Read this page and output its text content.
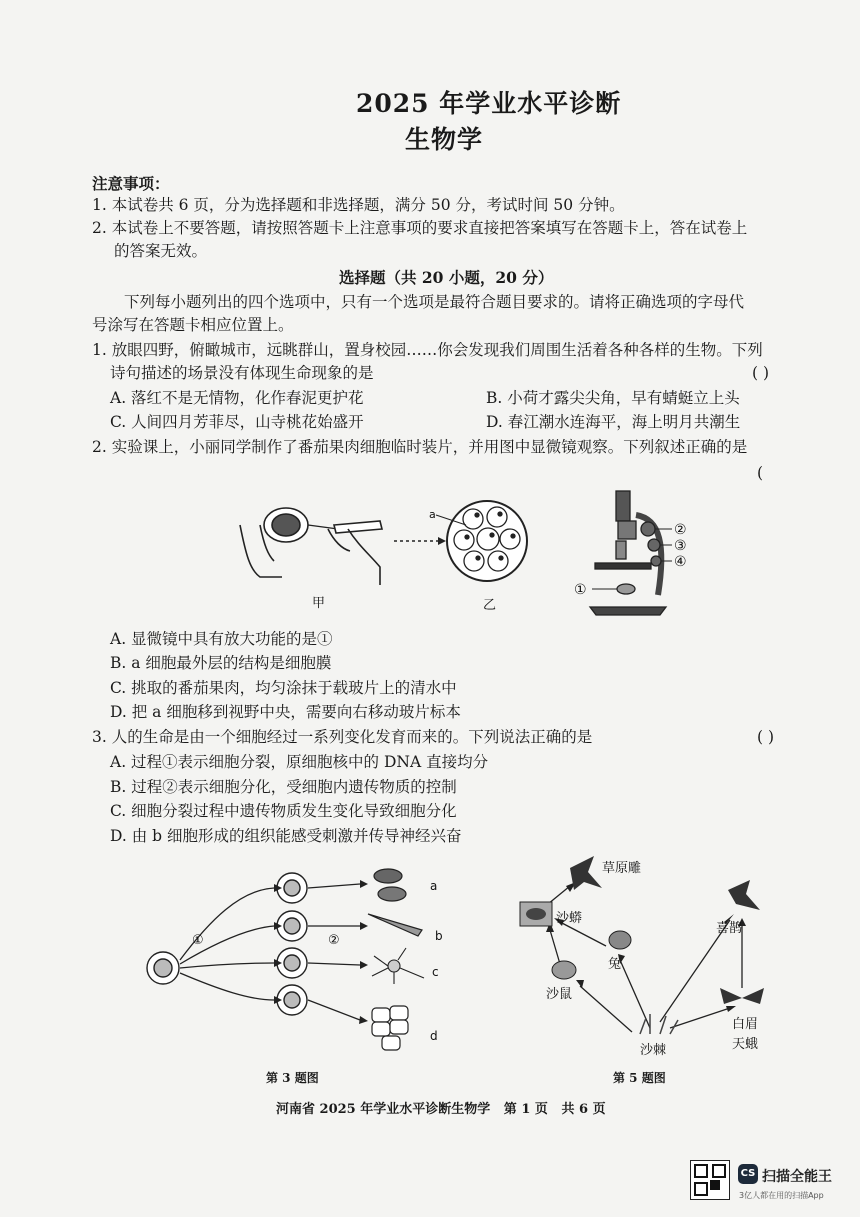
2025 年学业水平诊断
生物学
注意事项：
1. 本试卷共 6 页，分为选择题和非选择题，满分 50 分，考试时间 50 分钟。
2. 本试卷上不要答题，请按照答题卡上注意事项的要求直接把答案填写在答题卡上，答在试卷上
的答案无效。
选择题（共 20 小题，20 分）
下列每小题列出的四个选项中，只有一个选项是最符合题目要求的。请将正确选项的字母代
号涂写在答题卡相应位置上。
1. 放眼四野，俯瞰城市，远眺群山，置身校园……你会发现我们周围生活着各种各样的生物。下列
诗句描述的场景没有体现生命现象的是	( )
A. 落红不是无情物，化作春泥更护花	B. 小荷才露尖尖角，早有蜻蜓立上头
C. 人间四月芳菲尽，山寺桃花始盛开	D. 春江潮水连海平，海上明月共潮生
2. 实验课上，小丽同学制作了番茄果肉细胞临时装片，并用图中显微镜观察。下列叙述正确的是
(
甲
a
乙
②
③
④
①
A. 显微镜中具有放大功能的是①
B. a 细胞最外层的结构是细胞膜
C. 挑取的番茄果肉，均匀涂抹于载玻片上的清水中
D. 把 a 细胞移到视野中央，需要向右移动玻片标本
3. 人的生命是由一个细胞经过一系列变化发育而来的。下列说法正确的是	( )
A. 过程①表示细胞分裂，原细胞核中的 DNA 直接均分
B. 过程②表示细胞分化，受细胞内遗传物质的控制
C. 细胞分裂过程中遗传物质发生变化导致细胞分化
D. 由 b 细胞形成的组织能感受刺激并传导神经兴奋
①	②
a
b
c
d
第 3 题图
草原雕
沙蟒
兔
沙鼠
喜鹊
沙棘
白眉
天蛾
第 5 题图
河南省 2025 年学业水平诊断生物学   第 1 页   共 6 页
CS 扫描全能王
3亿人都在用的扫描App
